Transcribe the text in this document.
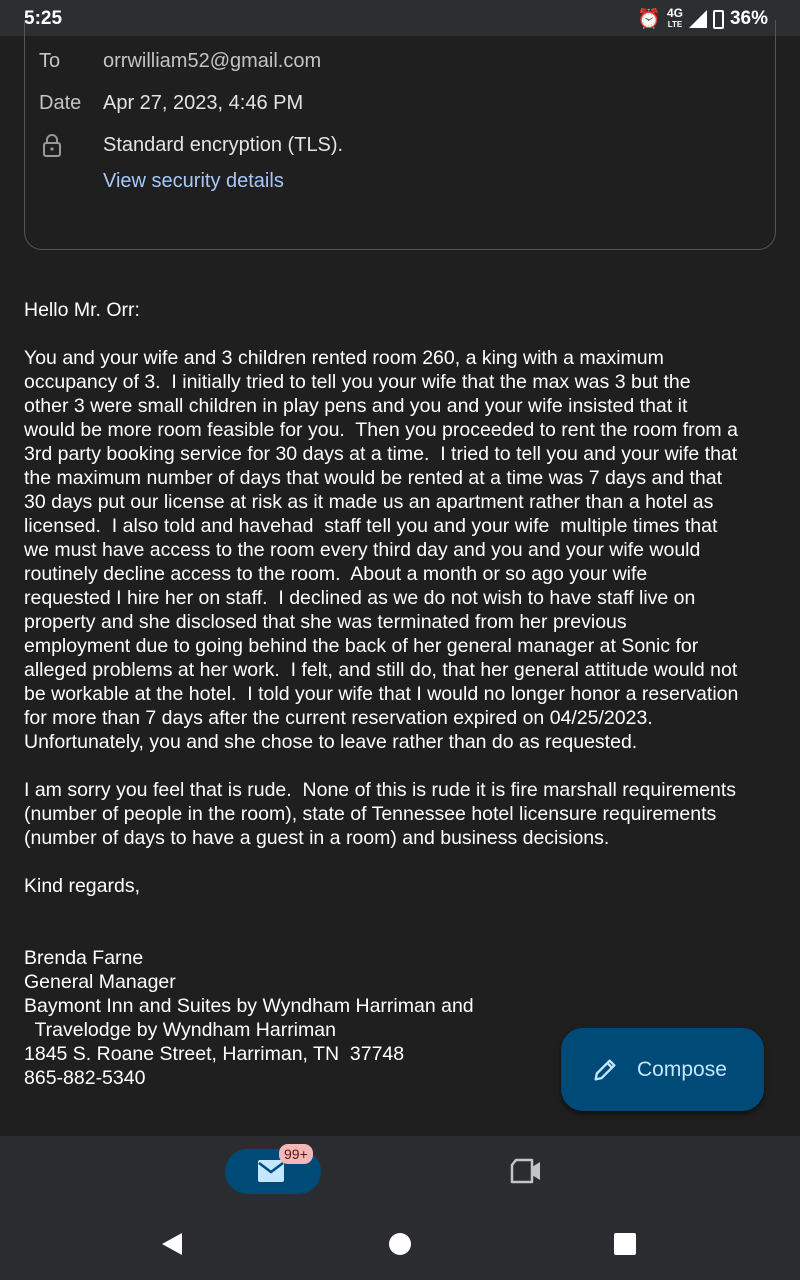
5:25	⏰ 4G
LTE	36%
To orrwilliam52@gmail.com
Date Apr 27, 2023, 4:46 PM
Standard encryption (TLS).
View security details
Hello Mr. Orr:
You and your wife and 3 children rented room 260, a king with a maximum
occupancy of 3.  I initially tried to tell you your wife that the max was 3 but the
other 3 were small children in play pens and you and your wife insisted that it
would be more room feasible for you.  Then you proceeded to rent the room from a
3rd party booking service for 30 days at a time.  I tried to tell you and your wife that
the maximum number of days that would be rented at a time was 7 days and that
30 days put our license at risk as it made us an apartment rather than a hotel as
licensed.  I also told and havehad  staff tell you and your wife  multiple times that
we must have access to the room every third day and you and your wife would
routinely decline access to the room.  About a month or so ago your wife
requested I hire her on staff.  I declined as we do not wish to have staff live on
property and she disclosed that she was terminated from her previous
employment due to going behind the back of her general manager at Sonic for
alleged problems at her work.  I felt, and still do, that her general attitude would not
be workable at the hotel.  I told your wife that I would no longer honor a reservation
for more than 7 days after the current reservation expired on 04/25/2023.
Unfortunately, you and she chose to leave rather than do as requested.
I am sorry you feel that is rude.  None of this is rude it is fire marshall requirements
(number of people in the room), state of Tennessee hotel licensure requirements
(number of days to have a guest in a room) and business decisions.
Kind regards,
Brenda Farne
General Manager
Baymont Inn and Suites by Wyndham Harriman and
Travelodge by Wyndham Harriman
1845 S. Roane Street, Harriman, TN  37748
865-882-5340	Compose
99+
